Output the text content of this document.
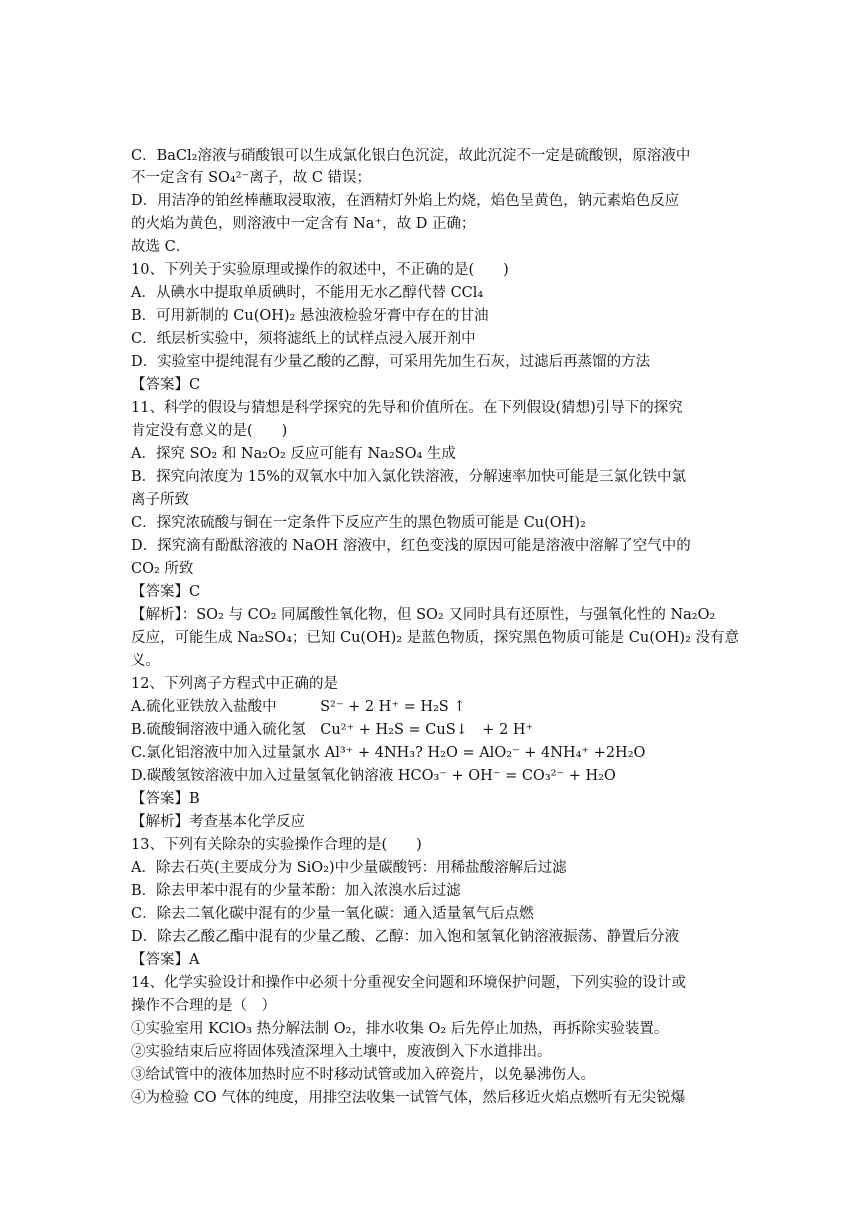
C．BaCl₂溶液与硝酸银可以生成氯化银白色沉淀，故此沉淀不一定是硫酸钡，原溶液中
不一定含有 SO₄²⁻离子，故 C 错误；
D．用洁净的铂丝棒蘸取浸取液，在酒精灯外焰上灼烧，焰色呈黄色，钠元素焰色反应
的火焰为黄色，则溶液中一定含有 Na⁺，故 D 正确；
故选 C．
10、下列关于实验原理或操作的叙述中，不正确的是(　　)
A．从碘水中提取单质碘时，不能用无水乙醇代替 CCl₄
B．可用新制的 Cu(OH)₂ 悬浊液检验牙膏中存在的甘油
C．纸层析实验中，须将滤纸上的试样点浸入展开剂中
D．实验室中提纯混有少量乙酸的乙醇，可采用先加生石灰，过滤后再蒸馏的方法
【答案】C
11、科学的假设与猜想是科学探究的先导和价值所在。在下列假设(猜想)引导下的探究
肯定没有意义的是(　　)
A．探究 SO₂ 和 Na₂O₂ 反应可能有 Na₂SO₄ 生成
B．探究向浓度为 15%的双氧水中加入氯化铁溶液，分解速率加快可能是三氯化铁中氯
离子所致
C．探究浓硫酸与铜在一定条件下反应产生的黑色物质可能是 Cu(OH)₂
D．探究滴有酚酞溶液的 NaOH 溶液中，红色变浅的原因可能是溶液中溶解了空气中的
CO₂ 所致
【答案】C
【解析】：SO₂ 与 CO₂ 同属酸性氧化物，但 SO₂ 又同时具有还原性，与强氧化性的 Na₂O₂
反应，可能生成 Na₂SO₄；已知 Cu(OH)₂ 是蓝色物质，探究黑色物质可能是 Cu(OH)₂ 没有意
义。
12、下列离子方程式中正确的是
A.硫化亚铁放入盐酸中　　　S²⁻ + 2 H⁺ = H₂S ↑
B.硫酸铜溶液中通入硫化氢　Cu²⁺ + H₂S = CuS↓　+ 2 H⁺
C.氯化铝溶液中加入过量氯水 Al³⁺ + 4NH₃? H₂O = AlO₂⁻ + 4NH₄⁺ +2H₂O
D.碳酸氢铵溶液中加入过量氢氧化钠溶液 HCO₃⁻ + OH⁻ = CO₃²⁻ + H₂O
【答案】B
【解析】考查基本化学反应
13、下列有关除杂的实验操作合理的是(　　)
A．除去石英(主要成分为 SiO₂)中少量碳酸钙：用稀盐酸溶解后过滤
B．除去甲苯中混有的少量苯酚：加入浓溴水后过滤
C．除去二氧化碳中混有的少量一氧化碳：通入适量氧气后点燃
D．除去乙酸乙酯中混有的少量乙酸、乙醇：加入饱和氢氧化钠溶液振荡、静置后分液
【答案】A
14、化学实验设计和操作中必须十分重视安全问题和环境保护问题，下列实验的设计或
操作不合理的是（　）
①实验室用 KClO₃ 热分解法制 O₂，排水收集 O₂ 后先停止加热，再拆除实验装置。
②实验结束后应将固体残渣深埋入土壤中，废液倒入下水道排出。
③给试管中的液体加热时应不时移动试管或加入碎瓷片，以免暴沸伤人。
④为检验 CO 气体的纯度，用排空法收集一试管气体，然后移近火焰点燃听有无尖锐爆
